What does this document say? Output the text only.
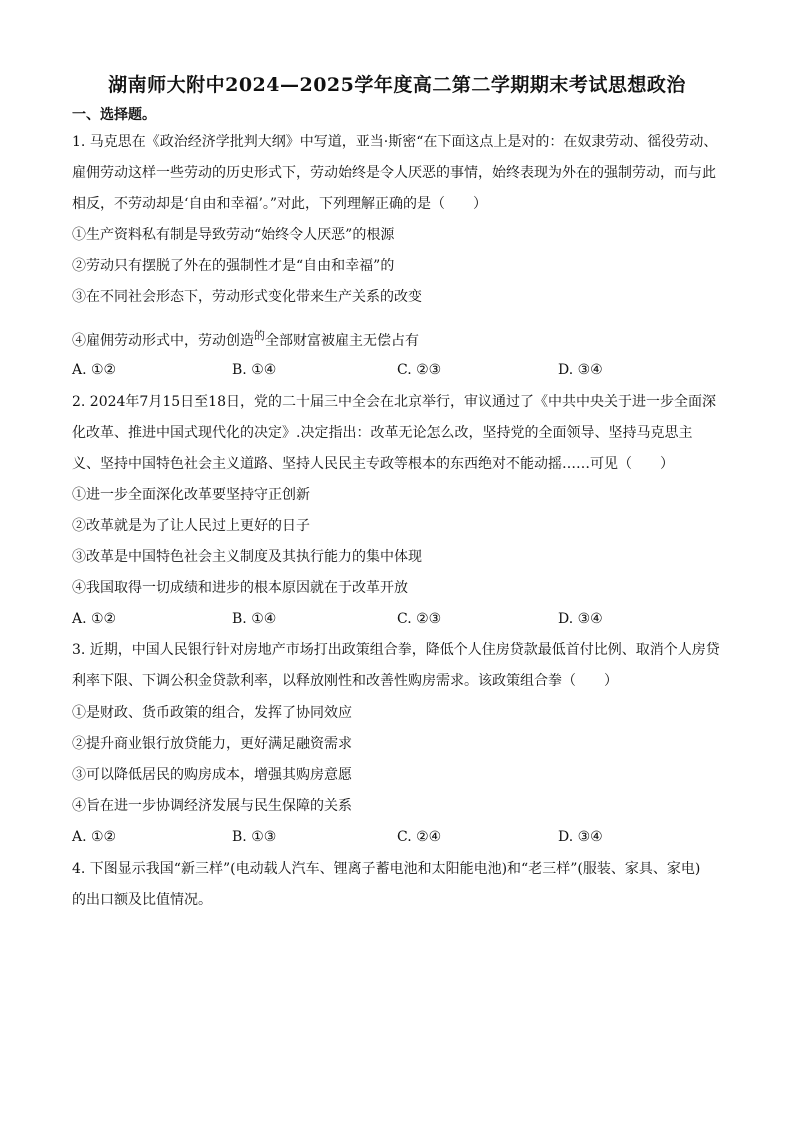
湖南师大附中2024—2025学年度高二第二学期期末考试思想政治
一、选择题。
1. 马克思在《政治经济学批判大纲》中写道，亚当·斯密“在下面这点上是对的：在奴隶劳动、徭役劳动、
雇佣劳动这样一些劳动的历史形式下，劳动始终是令人厌恶的事情，始终表现为外在的强制劳动，而与此
相反，不劳动却是‘自由和幸福’。”对此，下列理解正确的是（　　）
①生产资料私有制是导致劳动“始终令人厌恶”的根源
②劳动只有摆脱了外在的强制性才是“自由和幸福”的
③在不同社会形态下，劳动形式变化带来生产关系的改变
④雇佣劳动形式中，劳动创造$^的$全部财富被雇主无偿占有
A. ①②	B. ①④	C. ②③	D. ③④
2. 2024年7月15日至18日，党的二十届三中全会在北京举行，审议通过了《中共中央关于进一步全面深
化改革、推进中国式现代化的决定》.决定指出：改革无论怎么改，坚持党的全面领导、坚持马克思主
义、坚持中国特色社会主义道路、坚持人民民主专政等根本的东西绝对不能动摇……可见（　　）
①进一步全面深化改革要坚持守正创新
②改革就是为了让人民过上更好的日子
③改革是中国特色社会主义制度及其执行能力的集中体现
④我国取得一切成绩和进步的根本原因就在于改革开放
A. ①②	B. ①④	C. ②③	D. ③④
3. 近期，中国人民银行针对房地产市场打出政策组合拳，降低个人住房贷款最低首付比例、取消个人房贷
利率下限、下调公积金贷款利率，以释放刚性和改善性购房需求。该政策组合拳（　　）
①是财政、货币政策的组合，发挥了协同效应
②提升商业银行放贷能力，更好满足融资需求
③可以降低居民的购房成本，增强其购房意愿
④旨在进一步协调经济发展与民生保障的关系
A. ①②	B. ①③	C. ②④	D. ③④
4. 下图显示我国“新三样”(电动载人汽车、锂离子蓄电池和太阳能电池)和“老三样”(服装、家具、家电)
的出口额及比值情况。
